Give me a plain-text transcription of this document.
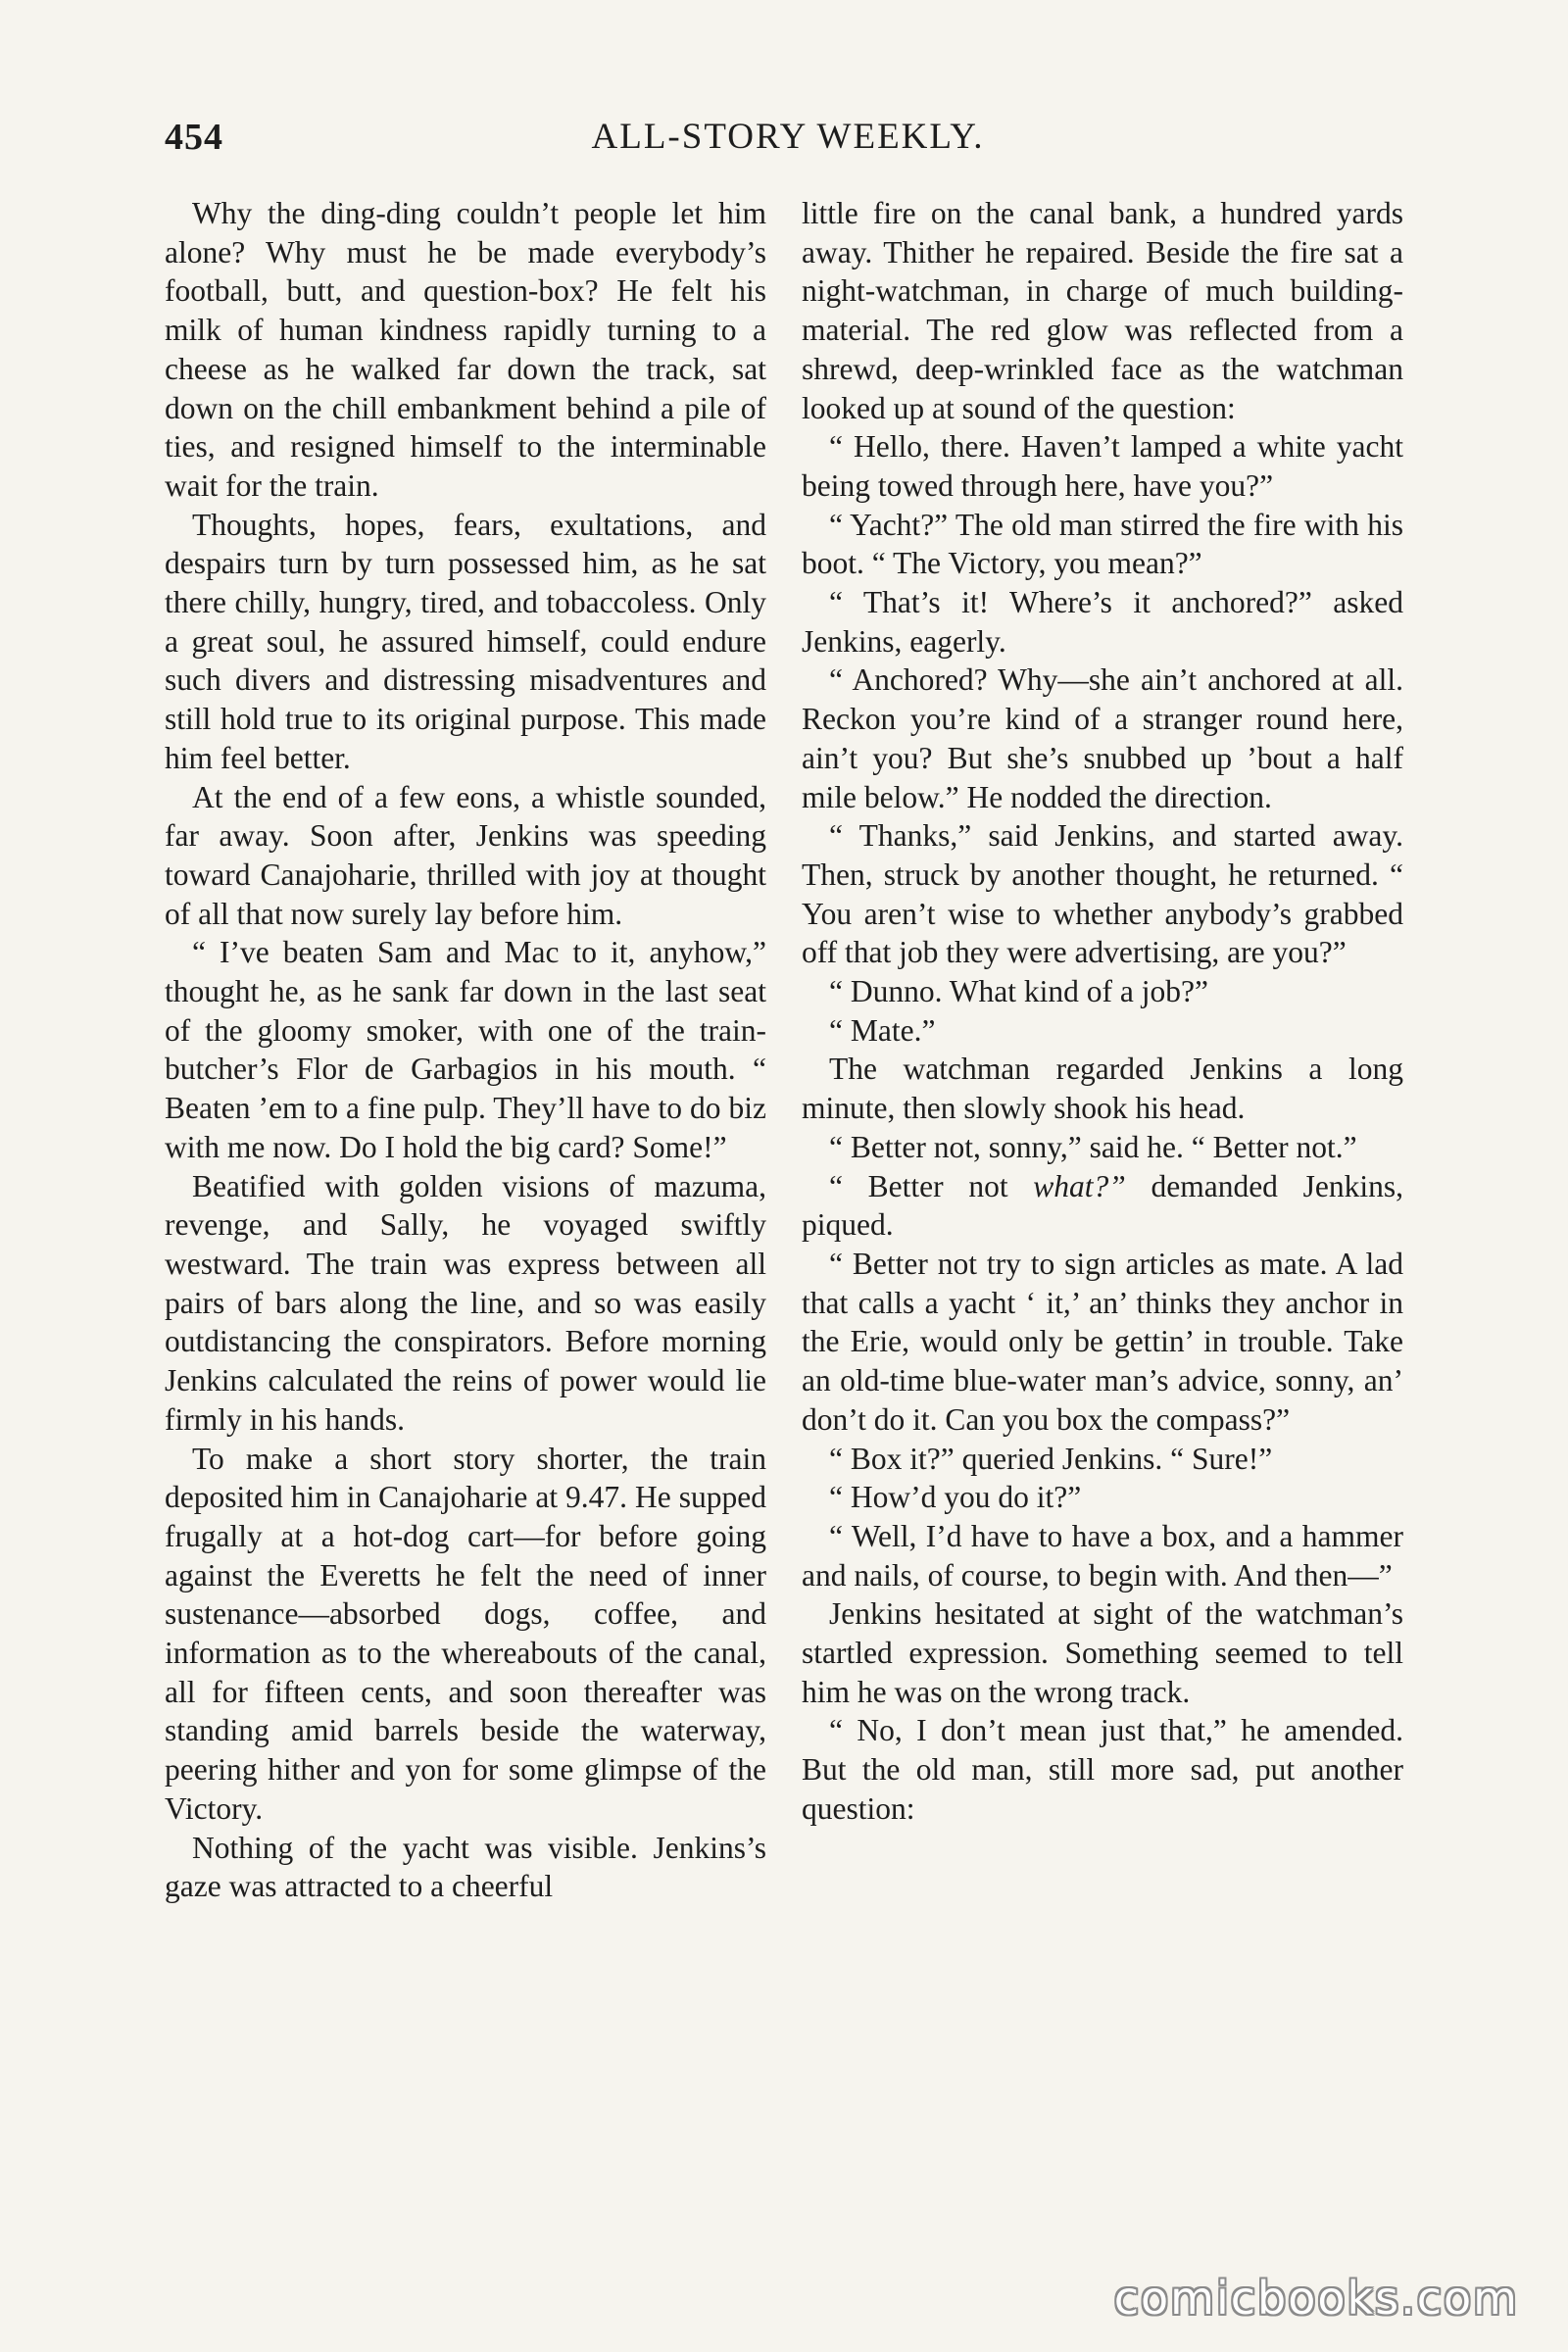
454	ALL-STORY WEEKLY.

Why the ding-ding couldn’t people let him alone? Why must he be made everybody’s football, butt, and question-box? He felt his milk of human kindness rapidly turning to a cheese as he walked far down the track, sat down on the chill embankment behind a pile of ties, and resigned himself to the interminable wait for the train.

Thoughts, hopes, fears, exultations, and despairs turn by turn possessed him, as he sat there chilly, hungry, tired, and tobaccoless. Only a great soul, he assured himself, could endure such divers and distressing misadventures and still hold true to its original purpose. This made him feel better.

At the end of a few eons, a whistle sounded, far away. Soon after, Jenkins was speeding toward Canajoharie, thrilled with joy at thought of all that now surely lay before him.

“ I’ve beaten Sam and Mac to it, anyhow,” thought he, as he sank far down in the last seat of the gloomy smoker, with one of the train-butcher’s Flor de Garbagios in his mouth. “ Beaten ’em to a fine pulp. They’ll have to do biz with me now. Do I hold the big card? Some!”

Beatified with golden visions of mazuma, revenge, and Sally, he voyaged swiftly westward. The train was express between all pairs of bars along the line, and so was easily outdistancing the conspirators. Before morning Jenkins calculated the reins of power would lie firmly in his hands.

To make a short story shorter, the train deposited him in Canajoharie at 9.47. He supped frugally at a hot-dog cart—for before going against the Everetts he felt the need of inner sustenance—absorbed dogs, coffee, and information as to the whereabouts of the canal, all for fifteen cents, and soon thereafter was standing amid barrels beside the waterway, peering hither and yon for some glimpse of the Victory.

Nothing of the yacht was visible. Jenkins’s gaze was attracted to a cheerful

little fire on the canal bank, a hundred yards away. Thither he repaired. Beside the fire sat a night-watchman, in charge of much building-material. The red glow was reflected from a shrewd, deep-wrinkled face as the watchman looked up at sound of the question:

“ Hello, there. Haven’t lamped a white yacht being towed through here, have you?”

“ Yacht?” The old man stirred the fire with his boot. “ The Victory, you mean?”

“ That’s it! Where’s it anchored?” asked Jenkins, eagerly.

“ Anchored? Why—she ain’t anchored at all. Reckon you’re kind of a stranger round here, ain’t you? But she’s snubbed up ’bout a half mile below.” He nodded the direction.

“ Thanks,” said Jenkins, and started away. Then, struck by another thought, he returned. “ You aren’t wise to whether anybody’s grabbed off that job they were advertising, are you?”

“ Dunno. What kind of a job?”

“ Mate.”

The watchman regarded Jenkins a long minute, then slowly shook his head.

“ Better not, sonny,” said he. “ Better not.”

“ Better not what?” demanded Jenkins, piqued.

“ Better not try to sign articles as mate. A lad that calls a yacht ‘ it,’ an’ thinks they anchor in the Erie, would only be gettin’ in trouble. Take an old-time blue-water man’s advice, sonny, an’ don’t do it. Can you box the compass?”

“ Box it?” queried Jenkins. “ Sure!”

“ How’d you do it?”

“ Well, I’d have to have a box, and a hammer and nails, of course, to begin with. And then—”

Jenkins hesitated at sight of the watchman’s startled expression. Something seemed to tell him he was on the wrong track.

“ No, I don’t mean just that,” he amended. But the old man, still more sad, put another question:

comicbooks.com
